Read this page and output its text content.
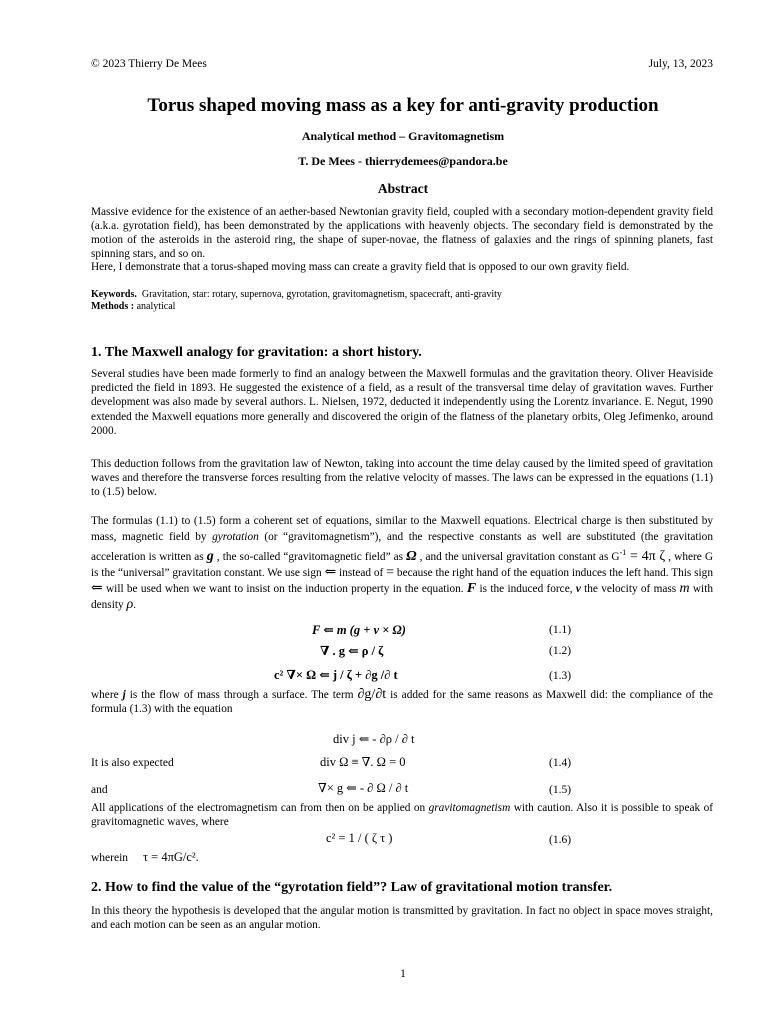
© 2023 Thierry De Mees	July, 13, 2023
Torus shaped moving mass as a key for anti-gravity production
Analytical method – Gravitomagnetism
T. De Mees - thierrydemees@pandora.be
Abstract
Massive evidence for the existence of an aether-based Newtonian gravity field, coupled with a secondary motion-dependent gravity field (a.k.a. gyrotation field), has been demonstrated by the applications with heavenly objects. The secondary field is demonstrated by the motion of the asteroids in the asteroid ring, the shape of super-novae, the flatness of galaxies and the rings of spinning planets, fast spinning stars, and so on.
Here, I demonstrate that a torus-shaped moving mass can create a gravity field that is opposed to our own gravity field.
Keywords. Gravitation, star: rotary, supernova, gyrotation, gravitomagnetism, spacecraft, anti-gravity
Methods : analytical
1. The Maxwell analogy for gravitation: a short history.
Several studies have been made formerly to find an analogy between the Maxwell formulas and the gravitation theory. Oliver Heaviside predicted the field in 1893. He suggested the existence of a field, as a result of the transversal time delay of gravitation waves. Further development was also made by several authors. L. Nielsen, 1972, deducted it independently using the Lorentz invariance. E. Negut, 1990 extended the Maxwell equations more generally and discovered the origin of the flatness of the planetary orbits, Oleg Jefimenko, around 2000.
This deduction follows from the gravitation law of Newton, taking into account the time delay caused by the limited speed of gravitation waves and therefore the transverse forces resulting from the relative velocity of masses. The laws can be expressed in the equations (1.1) to (1.5) below.
The formulas (1.1) to (1.5) form a coherent set of equations, similar to the Maxwell equations. Electrical charge is then substituted by mass, magnetic field by gyrotation (or “gravitomagnetism”), and the respective constants as well are substituted (the gravitation acceleration is written as g , the so-called “gravitomagnetic field” as Ω , and the universal gravitation constant as $G^{-1} = 4\pi$ ζ , where G is the “universal” gravitation constant. We use sign ⇐ instead of = because the right hand of the equation induces the left hand. This sign ⇐ will be used when we want to insist on the induction property in the equation. F is the induced force, v the velocity of mass m with density ρ.
F ⇐ m (g + v × Ω)	(1.1)
∇ . g ⇐ ρ / ζ	(1.2)
c² ∇× Ω ⇐ j / ζ + ∂g /∂ t	(1.3)
where j is the flow of mass through a surface. The term ∂g/∂t is added for the same reasons as Maxwell did: the compliance of the formula (1.3) with the equation
div j ⇐ - ∂ρ / ∂ t
It is also expected	div Ω ≡ ∇. Ω = 0	(1.4)
and	∇× g ⇐ - ∂ Ω / ∂ t	(1.5)
All applications of the electromagnetism can from then on be applied on gravitomagnetism with caution. Also it is possible to speak of gravitomagnetic waves, where
c² = 1 / ( ζ τ )	(1.6)
wherein τ = 4πG/c².
2. How to find the value of the “gyrotation field”? Law of gravitational motion transfer.
In this theory the hypothesis is developed that the angular motion is transmitted by gravitation. In fact no object in space moves straight, and each motion can be seen as an angular motion.
1
